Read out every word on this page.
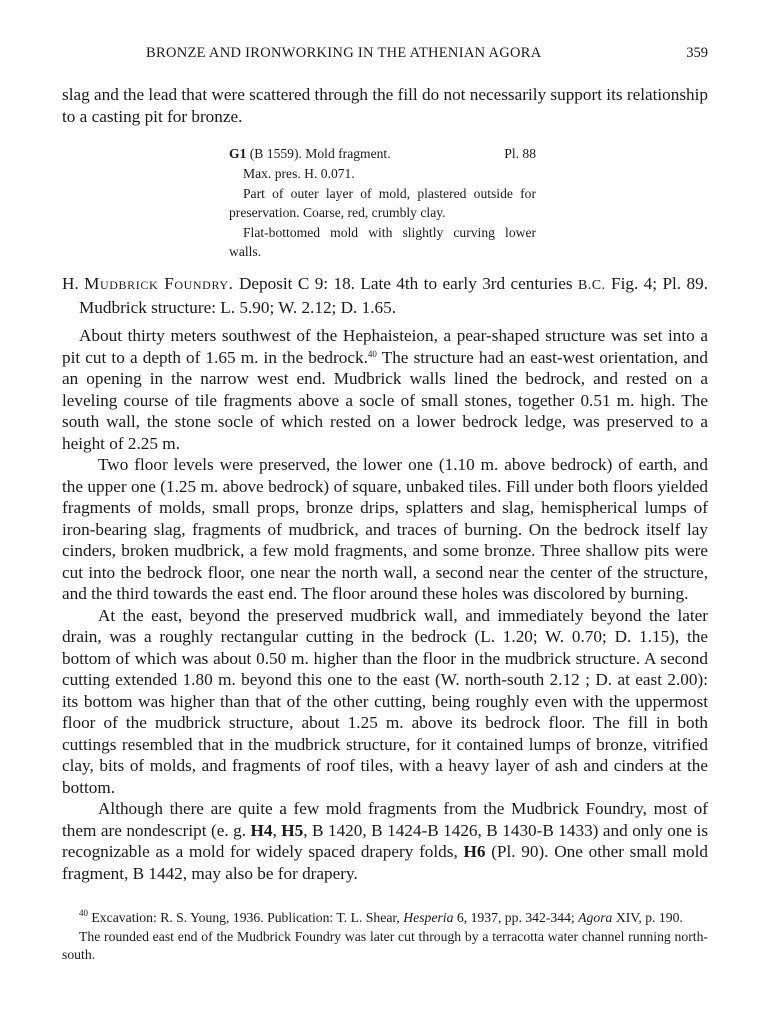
BRONZE AND IRONWORKING IN THE ATHENIAN AGORA	359

slag and the lead that were scattered through the fill do not necessarily support its relationship to a casting pit for bronze.

G1 (B 1559). Mold fragment.	Pl. 88

Max. pres. H. 0.071.

Part of outer layer of mold, plastered outside for preservation. Coarse, red, crumbly clay.

Flat-bottomed mold with slightly curving lower walls.

H. Mudbrick Foundry. Deposit C 9: 18. Late 4th to early 3rd centuries B.C. Fig. 4; Pl. 89. Mudbrick structure: L. 5.90; W. 2.12; D. 1.65.

About thirty meters southwest of the Hephaisteion, a pear-shaped structure was set into a pit cut to a depth of 1.65 m. in the bedrock.$^{40}$ The structure had an east-west orientation, and an opening in the narrow west end. Mudbrick walls lined the bedrock, and rested on a leveling course of tile fragments above a socle of small stones, together 0.51 m. high. The south wall, the stone socle of which rested on a lower bedrock ledge, was preserved to a height of 2.25 m.

Two floor levels were preserved, the lower one (1.10 m. above bedrock) of earth, and the upper one (1.25 m. above bedrock) of square, unbaked tiles. Fill under both floors yielded fragments of molds, small props, bronze drips, splatters and slag, hemispherical lumps of iron-bearing slag, fragments of mudbrick, and traces of burning. On the bedrock itself lay cinders, broken mudbrick, a few mold fragments, and some bronze. Three shallow pits were cut into the bedrock floor, one near the north wall, a second near the center of the structure, and the third towards the east end. The floor around these holes was discolored by burning.

At the east, beyond the preserved mudbrick wall, and immediately beyond the later drain, was a roughly rectangular cutting in the bedrock (L. 1.20; W. 0.70; D. 1.15), the bottom of which was about 0.50 m. higher than the floor in the mudbrick structure. A second cutting extended 1.80 m. beyond this one to the east (W. north-south 2.12 ; D. at east 2.00): its bottom was higher than that of the other cutting, being roughly even with the uppermost floor of the mudbrick structure, about 1.25 m. above its bedrock floor. The fill in both cuttings resembled that in the mudbrick structure, for it contained lumps of bronze, vitrified clay, bits of molds, and fragments of roof tiles, with a heavy layer of ash and cinders at the bottom.

Although there are quite a few mold fragments from the Mudbrick Foundry, most of them are nondescript (e. g. H4, H5, B 1420, B 1424-B 1426, B 1430-B 1433) and only one is recognizable as a mold for widely spaced drapery folds, H6 (Pl. 90). One other small mold fragment, B 1442, may also be for drapery.

$^{40}$ Excavation: R. S. Young, 1936. Publication: T. L. Shear, Hesperia 6, 1937, pp. 342-344; Agora XIV, p. 190.

The rounded east end of the Mudbrick Foundry was later cut through by a terracotta water channel running north-south.
